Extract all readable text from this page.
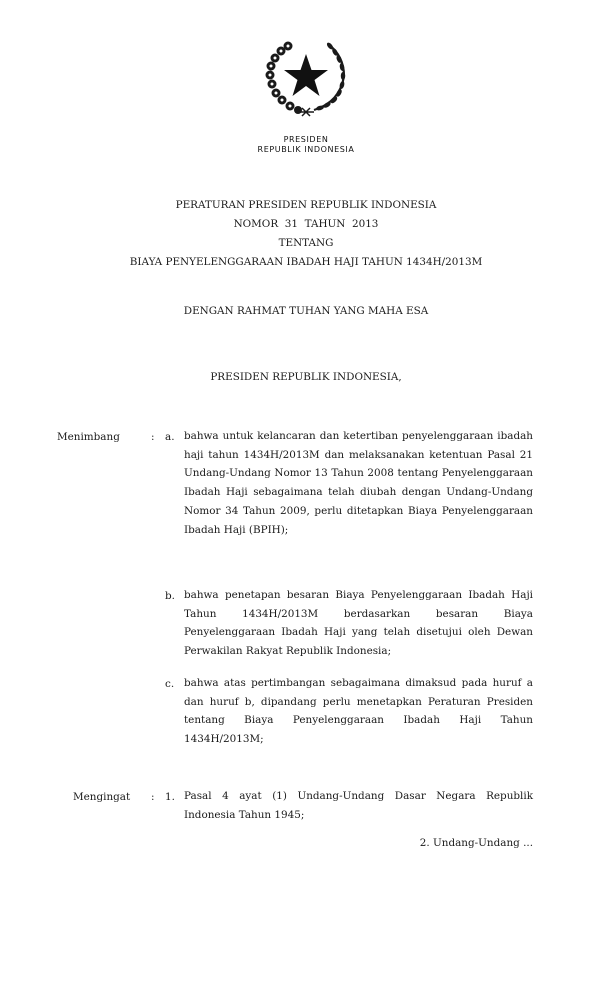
PRESIDEN
REPUBLIK INDONESIA
PERATURAN PRESIDEN REPUBLIK INDONESIA
NOMOR  31  TAHUN  2013
TENTANG
BIAYA PENYELENGGARAAN IBADAH HAJI TAHUN 1434H/2013M
DENGAN RAHMAT TUHAN YANG MAHA ESA
PRESIDEN REPUBLIK INDONESIA,
Menimbang	: a. bahwa untuk kelancaran dan ketertiban penyelenggaraan ibadah haji tahun 1434H/2013M dan melaksanakan ketentuan Pasal 21 Undang-Undang Nomor 13 Tahun 2008 tentang Penyelenggaraan Ibadah Haji sebagaimana telah diubah dengan Undang-Undang Nomor 34 Tahun 2009, perlu ditetapkan Biaya Penyelenggaraan Ibadah Haji (BPIH);
b. bahwa penetapan besaran Biaya Penyelenggaraan Ibadah Haji Tahun 1434H/2013M berdasarkan besaran Biaya Penyelenggaraan Ibadah Haji yang telah disetujui oleh Dewan Perwakilan Rakyat Republik Indonesia;
c. bahwa atas pertimbangan sebagaimana dimaksud pada huruf a dan huruf b, dipandang perlu menetapkan Peraturan Presiden tentang Biaya Penyelenggaraan Ibadah Haji Tahun 1434H/2013M;
Mengingat : 1. Pasal 4 ayat (1) Undang-Undang Dasar Negara Republik Indonesia Tahun 1945;
2. Undang-Undang ...
